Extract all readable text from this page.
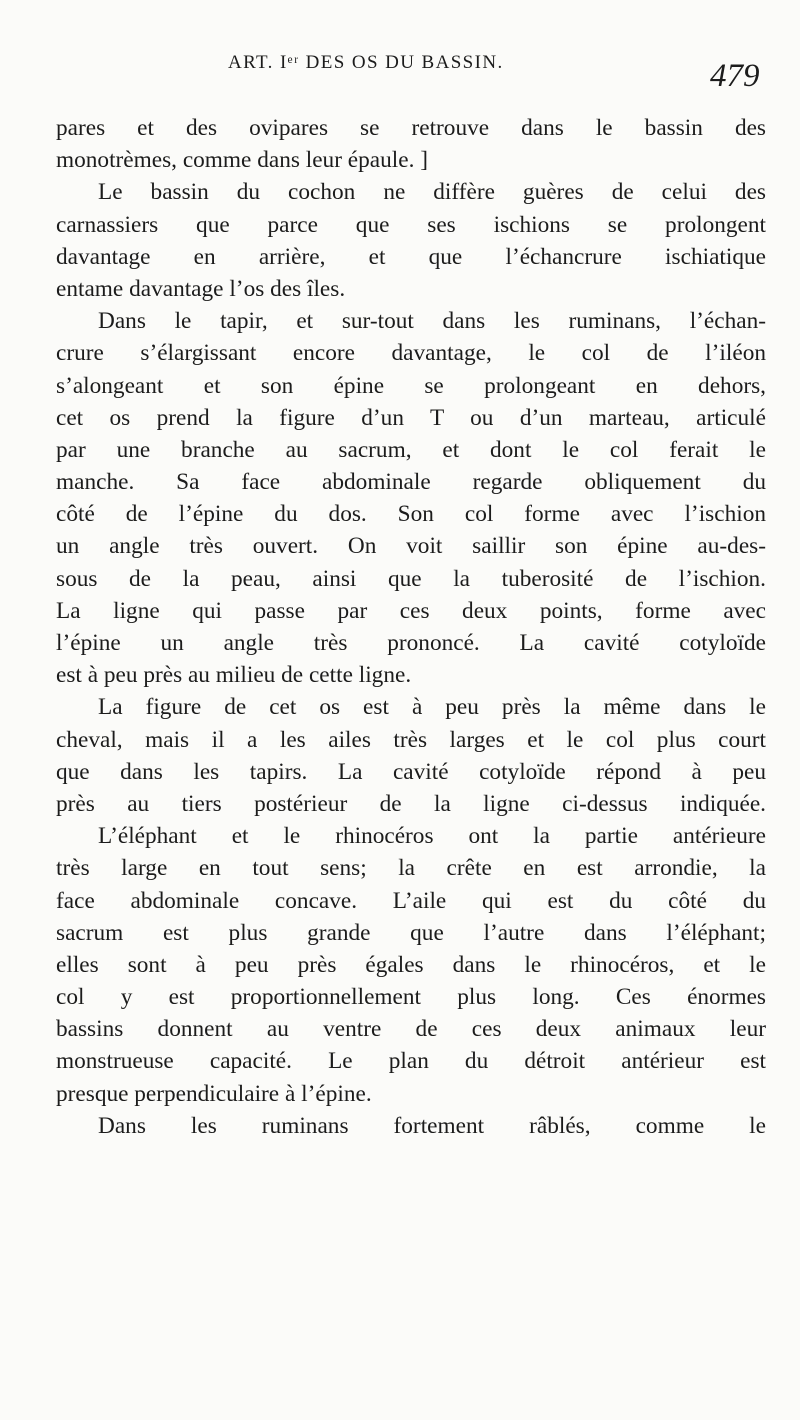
ART. Iᵉʳ DES OS DU BASSIN.	479
pares et des ovipares se retrouve dans le bassin des
monotrèmes, comme dans leur épaule. ]
Le bassin du cochon ne diffère guères de celui des
carnassiers que parce que ses ischions se prolongent
davantage en arrière, et que l’échancrure ischiatique
entame davantage l’os des îles.
Dans le tapir, et sur-tout dans les ruminans, l’échan-
crure s’élargissant encore davantage, le col de l’iléon
s’alongeant et son épine se prolongeant en dehors,
cet os prend la figure d’un T ou d’un marteau, articulé
par une branche au sacrum, et dont le col ferait le
manche. Sa face abdominale regarde obliquement du
côté de l’épine du dos. Son col forme avec l’ischion
un angle très ouvert. On voit saillir son épine au-des-
sous de la peau, ainsi que la tuberosité de l’ischion.
La ligne qui passe par ces deux points, forme avec
l’épine un angle très prononcé. La cavité cotyloïde
est à peu près au milieu de cette ligne.
La figure de cet os est à peu près la même dans le
cheval, mais il a les ailes très larges et le col plus court
que dans les tapirs. La cavité cotyloïde répond à peu
près au tiers postérieur de la ligne ci-dessus indiquée.
L’éléphant et le rhinocéros ont la partie antérieure
très large en tout sens; la crête en est arrondie, la
face abdominale concave. L’aile qui est du côté du
sacrum est plus grande que l’autre dans l’éléphant;
elles sont à peu près égales dans le rhinocéros, et le
col y est proportionnellement plus long. Ces énormes
bassins donnent au ventre de ces deux animaux leur
monstrueuse capacité. Le plan du détroit antérieur est
presque perpendiculaire à l’épine.
Dans les ruminans fortement râblés, comme le
